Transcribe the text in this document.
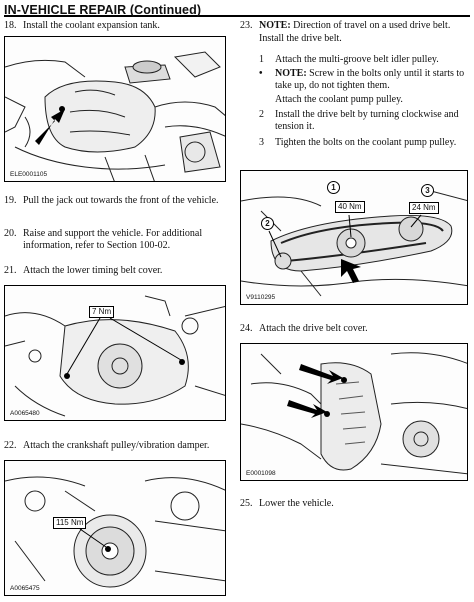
IN-VEHICLE REPAIR (Continued)
18. Install the coolant expansion tank.
ELE0001105
19. Pull the jack out towards the front of the vehicle.
20. Raise and support the vehicle. For additional information, refer to Section 100-02.
21. Attach the lower timing belt cover.
7 Nm
A0065480
22. Attach the crankshaft pulley/vibration damper.
115 Nm
A0065475
23. NOTE: Direction of travel on a used drive belt.
Install the drive belt.
1 Attach the multi-groove belt idler pulley.
• NOTE: Screw in the bolts only until it starts to take up, do not tighten them.
Attach the coolant pump pulley.
2 Install the drive belt by turning clockwise and tension it.
3 Tighten the bolts on the coolant pump pulley.
1
40 Nm
3
24 Nm
2
V9110295
24. Attach the drive belt cover.
E0001098
25. Lower the vehicle.
